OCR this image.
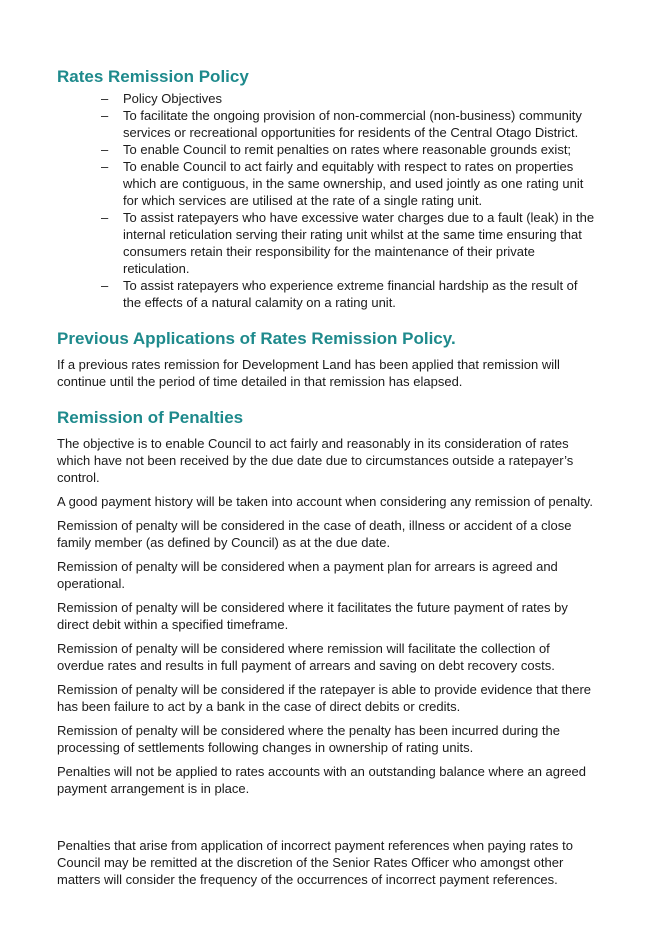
Rates Remission Policy
– Policy Objectives
– To facilitate the ongoing provision of non-commercial (non-business) community services or recreational opportunities for residents of the Central Otago District.
– To enable Council to remit penalties on rates where reasonable grounds exist;
– To enable Council to act fairly and equitably with respect to rates on properties which are contiguous, in the same ownership, and used jointly as one rating unit for which services are utilised at the rate of a single rating unit.
– To assist ratepayers who have excessive water charges due to a fault (leak) in the internal reticulation serving their rating unit whilst at the same time ensuring that consumers retain their responsibility for the maintenance of their private reticulation.
– To assist ratepayers who experience extreme financial hardship as the result of the effects of a natural calamity on a rating unit.
Previous Applications of Rates Remission Policy.

If a previous rates remission for Development Land has been applied that remission will continue until the period of time detailed in that remission has elapsed.

Remission of Penalties

The objective is to enable Council to act fairly and reasonably in its consideration of rates which have not been received by the due date due to circumstances outside a ratepayer’s control.

A good payment history will be taken into account when considering any remission of penalty.

Remission of penalty will be considered in the case of death, illness or accident of a close family member (as defined by Council) as at the due date.

Remission of penalty will be considered when a payment plan for arrears is agreed and operational.

Remission of penalty will be considered where it facilitates the future payment of rates by direct debit within a specified timeframe.

Remission of penalty will be considered where remission will facilitate the collection of overdue rates and results in full payment of arrears and saving on debt recovery costs.

Remission of penalty will be considered if the ratepayer is able to provide evidence that there has been failure to act by a bank in the case of direct debits or credits.

Remission of penalty will be considered where the penalty has been incurred during the processing of settlements following changes in ownership of rating units.

Penalties will not be applied to rates accounts with an outstanding balance where an agreed payment arrangement is in place.

Penalties that arise from application of incorrect payment references when paying rates to Council may be remitted at the discretion of the Senior Rates Officer who amongst other matters will consider the frequency of the occurrences of incorrect payment references.
